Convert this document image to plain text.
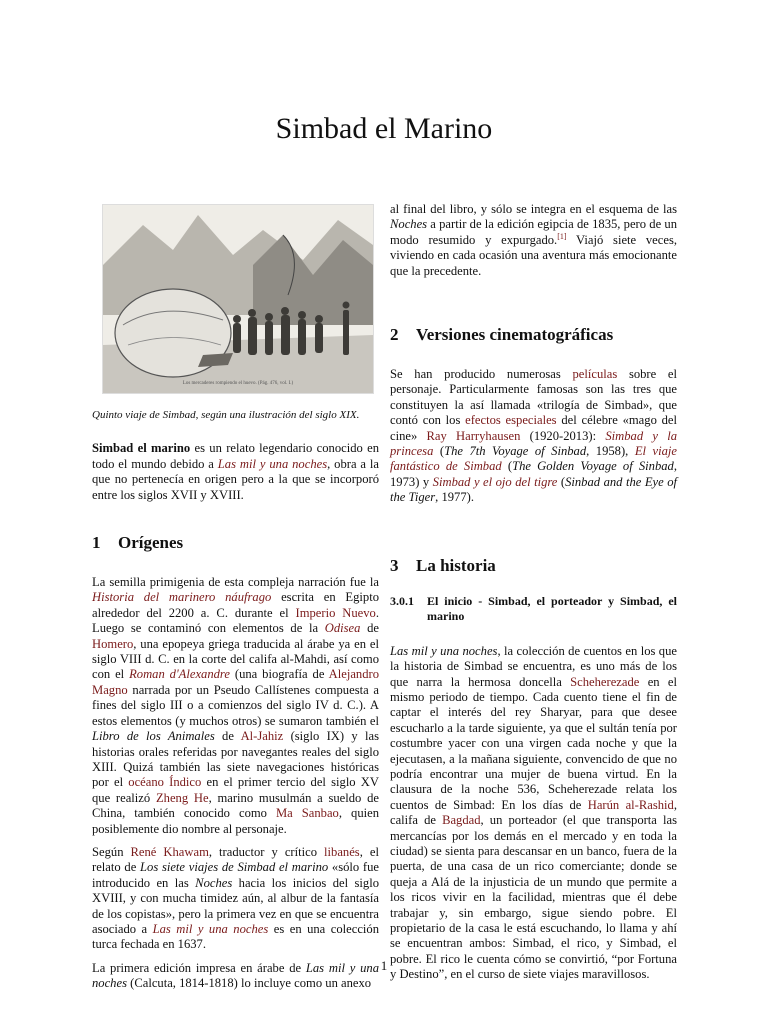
Simbad el Marino
Los mercaderes rompiendo el huevo. (Pág. 476, vol. I.)
Quinto viaje de Simbad, según una ilustración del siglo XIX.

Simbad el marino es un relato legendario conocido en todo el mundo debido a Las mil y una noches, obra a la que no pertenecía en origen pero a la que se incorporó entre los siglos XVII y XVIII.

1 Orígenes

La semilla primigenia de esta compleja narración fue la Historia del marinero náufrago escrita en Egipto alrededor del 2200 a. C. durante el Imperio Nuevo. Luego se contaminó con elementos de la Odisea de Homero, una epopeya griega traducida al árabe ya en el siglo VIII d. C. en la corte del califa al-Mahdi, así como con el Roman d'Alexandre (una biografía de Alejandro Magno narrada por un Pseudo Callístenes compuesta a fines del siglo III o a comienzos del siglo IV d. C.). A estos elementos (y muchos otros) se sumaron también el Libro de los Animales de Al-Jahiz (siglo IX) y las historias orales referidas por navegantes reales del siglo XIII. Quizá también las siete navegaciones históricas por el océano Índico en el primer tercio del siglo XV que realizó Zheng He, marino musulmán a sueldo de China, también conocido como Ma Sanbao, quien posiblemente dio nombre al personaje.

Según René Khawam, traductor y crítico libanés, el relato de Los siete viajes de Simbad el marino «sólo fue introducido en las Noches hacia los inicios del siglo XVIII, y con mucha timidez aún, al albur de la fantasía de los copistas», pero la primera vez en que se encuentra asociado a Las mil y una noches es en una colección turca fechada en 1637.

La primera edición impresa en árabe de Las mil y una noches (Calcuta, 1814-1818) lo incluye como un anexo

al final del libro, y sólo se integra en el esquema de las Noches a partir de la edición egipcia de 1835, pero de un modo resumido y expurgado.[1] Viajó siete veces, viviendo en cada ocasión una aventura más emocionante que la precedente.

2 Versiones cinematográficas

Se han producido numerosas películas sobre el personaje. Particularmente famosas son las tres que constituyen la así llamada «trilogía de Simbad», que contó con los efectos especiales del célebre «mago del cine» Ray Harryhausen (1920-2013): Simbad y la princesa (The 7th Voyage of Sinbad, 1958), El viaje fantástico de Simbad (The Golden Voyage of Sinbad, 1973) y Simbad y el ojo del tigre (Sinbad and the Eye of the Tiger, 1977).

3 La historia
3.0.1	El inicio - Simbad, el porteador y Simbad, el marino

Las mil y una noches, la colección de cuentos en los que la historia de Simbad se encuentra, es uno más de los que narra la hermosa doncella Scheherezade en el mismo periodo de tiempo. Cada cuento tiene el fin de captar el interés del rey Sharyar, para que desee escucharlo a la tarde siguiente, ya que el sultán tenía por costumbre yacer con una virgen cada noche y que la ejecutasen, a la mañana siguiente, convencido de que no podría encontrar una mujer de buena virtud. En la clausura de la noche 536, Scheherezade relata los cuentos de Simbad: En los días de Harún al-Rashid, califa de Bagdad, un porteador (el que transporta las mercancías por los demás en el mercado y en toda la ciudad) se sienta para descansar en un banco, fuera de la puerta, de una casa de un rico comerciante; donde se queja a Alá de la injusticia de un mundo que permite a los ricos vivir en la facilidad, mientras que él debe trabajar y, sin embargo, sigue siendo pobre. El propietario de la casa le está escuchando, lo llama y ahí se encuentran ambos: Simbad, el rico, y Simbad, el pobre. El rico le cuenta cómo se convirtió, “por Fortuna y Destino”, en el curso de siete viajes maravillosos.

1
